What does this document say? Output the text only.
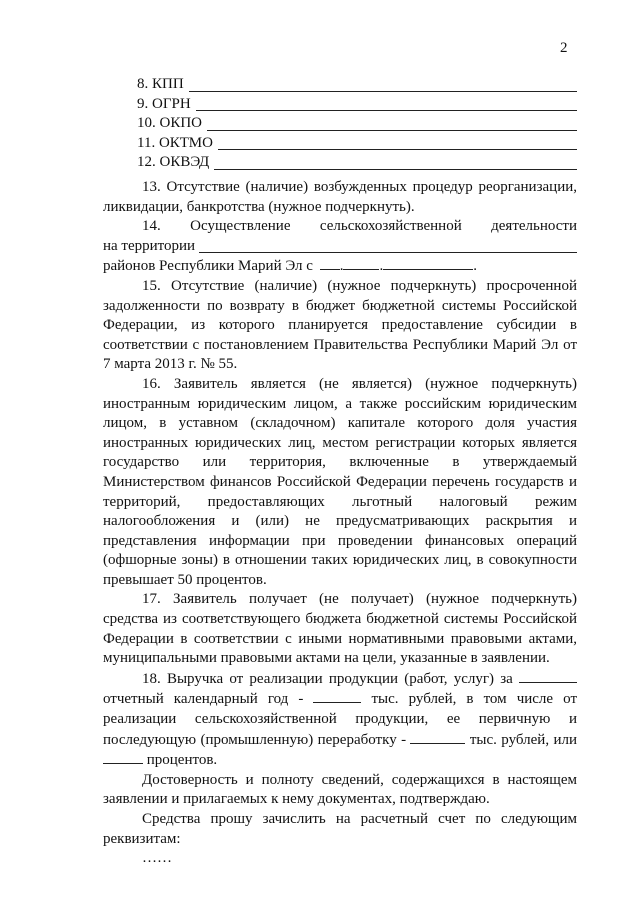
2
8. КПП
9. ОГРН
10. ОКПО
11. ОКТМО
12. ОКВЭД

13. Отсутствие (наличие) возбужденных процедур реорганизации, ликвидации, банкротства (нужное подчеркнуть).

14. Осуществление сельскохозяйственной деятельности

на территории
районов Республики Марий Эл с . .	.

15. Отсутствие (наличие) (нужное подчеркнуть) просроченной задолженности по возврату в бюджет бюджетной системы Российской Федерации, из которого планируется предоставление субсидии в соответствии с постановлением Правительства Республики Марий Эл от 7 марта 2013 г. № 55.

16. Заявитель является (не является) (нужное подчеркнуть) иностранным юридическим лицом, а также российским юридическим лицом, в уставном (складочном) капитале которого доля участия иностранных юридических лиц, местом регистрации которых является государство или территория, включенные в утверждаемый Министерством финансов Российской Федерации перечень государств и территорий, предоставляющих льготный налоговый режим налогообложения и (или) не предусматривающих раскрытия и представления информации при проведении финансовых операций (офшорные зоны) в отношении таких юридических лиц, в совокупности превышает 50 процентов.

17. Заявитель получает (не получает) (нужное подчеркнуть) средства из соответствующего бюджета бюджетной системы Российской Федерации в соответствии с иными нормативными правовыми актами, муниципальными правовыми актами на цели, указанные в заявлении.

18. Выручка от реализации продукции (работ, услуг) за  отчетный календарный год -	тыс. рублей, в том числе от реализации сельскохозяйственной продукции, ее первичную и последующую (промышленную) переработку -	тыс. рублей, или  процентов.

Достоверность и полноту сведений, содержащихся в настоящем заявлении и прилагаемых к нему документах, подтверждаю.

Средства прошу зачислить на расчетный счет по следующим реквизитам:

……
